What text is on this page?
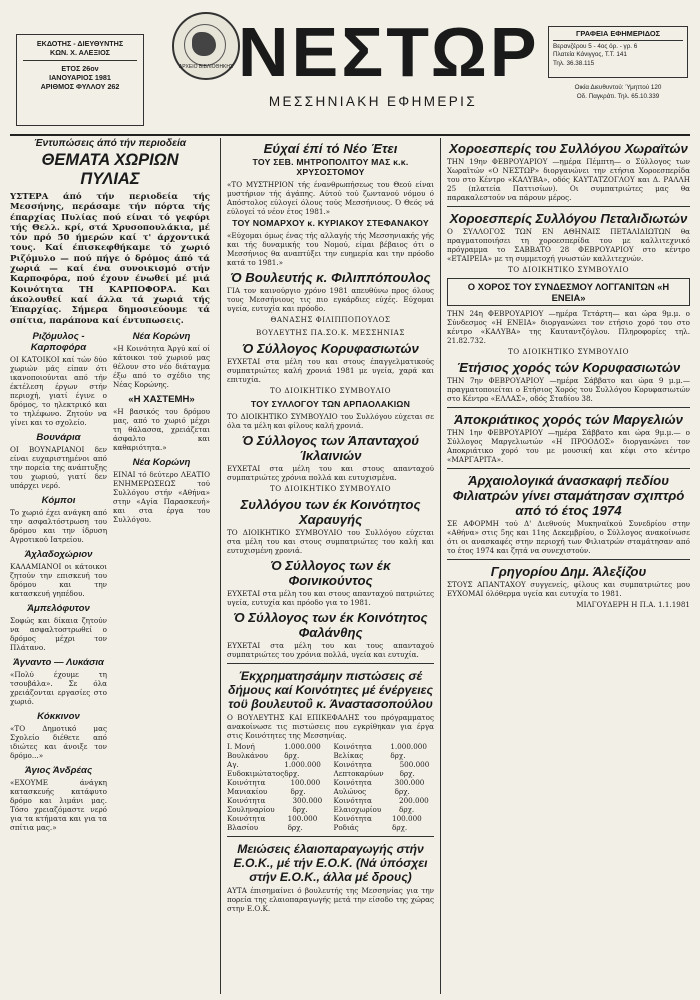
ΕΚΔΟΤΗΣ - ΔΙΕΥΘΥΝΤΗΣ
ΚΩΝ. Χ. ΑΛΕΞΙΟΣ
ΕΤΟΣ 26ον
ΙΑΝΟΥΑΡΙΟΣ 1981
ΑΡΙΘΜΟΣ ΦΥΛΛΟΥ 262
ΑΡΧΕΙΟ ΒΙΒΛΙΟΘΗΚΗΣ ΝΕΣΤΩΡ
ΜΕΣΣΗΝΙΑΚΗ ΕΦΗΜΕΡΙΣ
ΓΡΑΦΕΙΑ ΕΦΗΜΕΡΙΔΟΣ
Βερανζέρου 5 - 4ος όρ. - γρ. 6
Πλατεία Κάνιγγος, Τ.Τ. 141
Τηλ. 36.38.115
Οικία Διευθυντού: Ύμηττού 120
Οδ. Παγκράτι. Τηλ. 65.10.339
Έντυπώσεις άπό τήν περιοδεία
ΘΕΜΑΤΑ ΧΩΡΙΩΝ ΠΥΛΙΑΣ
ΥΣΤΕΡΑ άπό τήν περιοδεία τής Μεσσήνης, περάσαμε τήν πόρτα τής έπαρχίας Πυλίας πού είναι τό γεφύρι τής Θελλ. κρί, στά Χρυσοπουλάκια, μέ τόν πρό 50 ήμερών καί τ' άρχοντικά τους. Καί έπισκεφθήκαμε τό χωριό Ριζόμυλο — πού πήγε ό δρόμος άπό τά χωριά — καί ένα συνοικισμό στήν Καρποφόρα, πού έχουν ένωθεί μέ μιά Κοινότητα ΤΗ ΚΑΡΠΟΦΟΡΑ. Και άκολουθεί καί άλλα τά χωριά τής Έπαρχίας. Σήμερα δημοσιεύουμε τά σπίτια, παράπονα καί έντυπωσεις.
Ριζόμυλος - Καρποφόρα

ΟΙ ΚΑΤΟΙΚΟΙ καί τών δύο χωριών μάς είπαν ότι ικανοποιούνται από τήν έκτέλεση έργων στήν περιοχή, γιατί έγινε ο δρόμος, το ηλεκτρικό και το τηλέφωνο. Ζητούν να γίνει και το σχολείο.

Βουνάρια

ΟΙ ΒΟΥΝΑΡΙΑΝΟΙ δεν είναι ευχαριστημένοι από την πορεία της ανάπτυξης του χωριού, γιατί δεν υπάρχει νερό.

Κόμποι

Το χωριό έχει ανάγκη από την ασφαλτόστρωση του δρόμου και την ίδρυση Αγροτικού Ιατρείου.

Άχλαδοχώριον

ΚΑΛΑΜΙΑΝΟΙ οι κάτοικοι ζητούν την επισκευή του δρόμου και την κατασκευή γηπέδου.

Άμπελόφυτον

Σοφώς και δίκαια ζητούν να ασφαλτοστρωθεί ο δρόμος μέχρι τον Πλάτανο.

Άγναντο — Λυκάσια

«Πολύ έχουμε τη τσουβάλα». Σε όλα χρειάζονται εργασίες στο χωριό.

Κόκκινον

«ΤΟ Δημοτικό μας Σχολείο διέθετε από ιδιώτες και άνοιξε τον δρόμο...»

Άγιος Άνδρέας

«ΕΧΟΥΜΕ άνάγκη κατασκευής κατάφυτο δρόμο και λιμάνι μας. Τόσο χρειαζόμαστε νερό για τα κτήματα και για τα σπίτια μας.»

Νέα Κορώνη

«Η Κοινότητα Άργύ καί οί κάτοικοι τού χωριού μας θέλουν στο νέο διάταγμα έξω από το σχέδιο της Νέας Κορώνης.

«Η ΧΑΣΤΕΜΗ»

«Η βασικός του δρόμου μας, από το χωριό μέχρι τη θάλασσα, χρειάζεται άσφαλτο και καθαριότητα.»

Νέα Κορώνη

ΕΙΝΑΙ τό δεύτερο ΛΕΑΤΙΟ ΕΝΗΜΕΡΩΣΕΩΣ τού Συλλόγου στήν «Αθήνα» στην «Αγία Παρασκευή» και στα έργα του Συλλόγου.

Εύχαί έπί τό Νέο Έτει
ΤΟΥ ΣΕΒ. ΜΗΤΡΟΠΟΛΙΤΟΥ ΜΑΣ κ.κ. ΧΡΥΣΟΣΤΟΜΟΥ

«ΤΟ ΜΥΣΤΗΡΙΟΝ τής ένανθρωπήσεως του Θεού είναι μυστήριον τής άγάπης. Αύτού τού ζωντανού νόμου ό Απόστολος εύλογεί όλους τούς Μεσσήνιους. Ό Θεός νά εύλογεί τό νέον έτος 1981.»

ΤΟΥ ΝΟΜΑΡΧΟΥ κ. ΚΥΡΙΑΚΟΥ ΣΤΕΦΑΝΑΚΟΥ

«Εύχομαι όμως ένας τής αλλαγής τής Μεσσηνιακής γής και τής δυναμικής του Νομού, είμαι βέβαιος ότι ο Μεσσήνιος θα αναπτύξει την ευημερία και την πρόοδο κατά το 1981.»

Ό Βουλευτής κ. Φιλιππόπουλος

ΓΙΑ τον καινούργιο χρόνο 1981 απευθύνω προς όλους τους Μεσσήνιους τις πιο εγκάρδιες εύχές. Εύχομαι υγεία, ευτυχία και πρόοδο.

ΘΑΝΑΣΗΣ ΦΙΛΙΠΠΟΠΟΥΛΟΣ
ΒΟΥΛΕΥΤΗΣ ΠΑ.ΣΟ.Κ. ΜΕΣΣΗΝΙΑΣ
Ό Σύλλογος Κορυφασιωτών

ΕΥΧΕΤΑΙ στα μέλη του και στους έπαγγελματικούς συμπατριώτες καλή χρονιά 1981 με υγεία, χαρά και επιτυχία.

ΤΟ ΔΙΟΙΚΗΤΙΚΟ ΣΥΜΒΟΥΛΙΟ
ΤΟΥ ΣΥΛΛΟΓΟΥ ΤΩΝ ΑΡΠΑΟΛΑΚΙΩΝ

ΤΟ ΔΙΟΙΚΗΤΙΚΟ ΣΥΜΒΟΥΛΙΟ του Συλλόγου εύχεται σε όλα τα μέλη και φίλους καλή χρονιά.

Ό Σύλλογος των Άπανταχού Ίκλαινιών

ΕΥΧΕΤΑΙ στα μέλη του και στους απανταχού συμπατριώτες χρόνια πολλά και ευτυχισμένα.

ΤΟ ΔΙΟΙΚΗΤΙΚΟ ΣΥΜΒΟΥΛΙΟ
Συλλόγου των έκ Κοινότητος Χαραυγής

ΤΟ ΔΙΟΙΚΗΤΙΚΟ ΣΥΜΒΟΥΛΙΟ του Συλλόγου εύχεται στα μέλη του και στους συμπατριώτες του καλή και ευτυχισμένη χρονιά.

Ό Σύλλογος των έκ Φοινικούντος

ΕΥΧΕΤΑΙ στα μέλη του και στους απανταχού πατριώτες υγεία, ευτυχία και πρόοδο για το 1981.

Ό Σύλλογος των έκ Κοινότητος Φαλάνθης

ΕΥΧΕΤΑΙ στα μέλη του και τους απανταχού συμπατριώτες του χρόνια πολλά, υγεία και ευτυχία.

Έκχρηματησάμην πιστώσεις σέ δήμους καί Κοινότητες μέ ένέργειες τοϋ βουλευτοΰ κ. Άναστασοπούλου

Ο ΒΟΥΛΕΥΤΗΣ ΚΑΙ ΕΠΙΚΕΦΑΛΗΣ του πρόγραμματος ανακοίνωσε τις πιστώσεις που εγκρίθηκαν για έργα στις Κοινότητες της Μεσσηνίας.

Ι. Μονή Βουλκάνου
1.000.000 δρχ.
Αγ. Ευδοκιμώτατος
1.000.000 δρχ.
Κοινότητα Μανιακίου
100.000 δρχ.
Κοινότητα Σουληναρίου
300.000 δρχ.
Κοινότητα Βλασίου
100.000 δρχ.
Κοινότητα Βελίκας
1.000.000 δρχ.
Κοινότητα Λεπτοκαρύων
500.000 δρχ.
Κοινότητα Αυλώνος
300.000 δρχ.
Κοινότητα Ελαιοχωρίου
200.000 δρχ.
Κοινότητα Ροδιάς
100.000 δρχ.
Μειώσεις έλαιοπαραγωγής στήν Ε.Ο.Κ., μέ τήν Ε.Ο.Κ. (Νά ύπόσχει στήν Ε.Ο.Κ., άλλα μέ δρους)

ΑΥΤΑ έπισημαίνει ό βουλευτής της Μεσσηνίας για την πορεία της ελαιοπαραγωγής μετά την είσοδο της χώρας στην Ε.Ο.Κ.

Χοροεσπερίς του Συλλόγου Χωραϊτών

ΤΗΝ 19ην ΦΕΒΡΟΥΑΡΙΟΥ —ημέρα Πέμπτη— ο Σύλλογος των Χωραϊτών «Ο ΝΕΣΤΩΡ» διοργανώνει την ετήσια Χοροεσπερίδα του στο Κέντρο «ΚΑΛΥΒΑ», οδός ΚΑΥΤΑΤΖΟΓΛΟΥ και Δ. ΡΑΛΛΗ 25 (πλατεία Παττισίων). Οι συμπατριώτες μας θα παρακαλεστούν να πάρουν μέρος.

Χοροεσπερίς Συλλόγου Πεταλιδιωτών

Ο ΣΥΛΛΟΓΟΣ ΤΩΝ ΕΝ ΑΘΗΝΑΙΣ ΠΕΤΑΛΙΔΙΩΤΩΝ θα πραγματοποιήσει τη χοροεσπερίδα του με καλλιτεχνικό πρόγραμμα το ΣΑΒΒΑΤΟ 28 ΦΕΒΡΟΥΑΡΙΟΥ στο κέντρο «ΕΤΑΙΡΕΙΑ» με τη συμμετοχή γνωστών καλλιτεχνών.

ΤΟ ΔΙΟΙΚΗΤΙΚΟ ΣΥΜΒΟΥΛΙΟ
Ο ΧΟΡΟΣ ΤΟΥ ΣΥΝΔΕΣΜΟΥ ΛΟΓΓΑΝΙΤΩΝ «Η ΕΝΕΙΑ»

ΤΗΝ 24η ΦΕΒΡΟΥΑΡΙΟΥ —ημέρα Τετάρτη— και ώρα 9μ.μ. ο Σύνδεσμος «Η ΕΝΕΙΑ» διοργανώνει τον ετήσιο χορό του στο κέντρο «ΚΑΛΥΒΑ» της Καυταντζόγλου. Πληροφορίες τηλ. 21.82.732.

ΤΟ ΔΙΟΙΚΗΤΙΚΟ ΣΥΜΒΟΥΛΙΟ
Έτήσιος χορός τών Κορυφασιωτών

ΤΗΝ 7ην ΦΕΒΡΟΥΑΡΙΟΥ —ημέρα Σάββατο και ώρα 9 μ.μ.— πραγματοποιείται ο Ετήσιος Χορός του Συλλόγου Κορυφασιωτών στο Κέντρο «ΕΛΛΑΣ», οδός Σταδίου 38.

Άποκριάτικος χορός τών Μαργελιών

ΤΗΝ 1ην ΦΕΒΡΟΥΑΡΙΟΥ —ημέρα Σάββατο και ώρα 9μ.μ.— ο Σύλλογος Μαργελιωτών «Η ΠΡΟΟΔΟΣ» διοργανώνει τον Αποκριάτικο χορό του με μουσική και κέφι στο κέντρο «ΜΑΡΓΑΡΙΤΑ».

Άρχαιολογικά άνασκαφή πεδίου Φιλιατρών γίνει σταμάτησαν σχιπτρό από τό έτος 1974

ΣΕ ΑΦΟΡΜΗ τού Δ' Διεθνούς Μυκηναϊκού Συνεδρίου στην «Αθήνα» στις 5ης και 11ης Δεκεμβρίου, ο Σύλλογος ανακοίνωσε ότι οι ανασκαφές στην περιοχή των Φιλιατρών σταμάτησαν από το έτος 1974 και ζητά να συνεχιστούν.

Γρηγορίου Δημ. Άλεξίζου

ΣΤΟΥΣ ΑΠΑΝΤΑΧΟΥ συγγενείς, φίλους και συμπατριώτες μου ΕΥΧΟΜΑΙ όλόθερμα υγεία και ευτυχία το 1981.

ΜΙΛΓΟΥΔΕΡΗ Η Π.Α. 1.1.1981
